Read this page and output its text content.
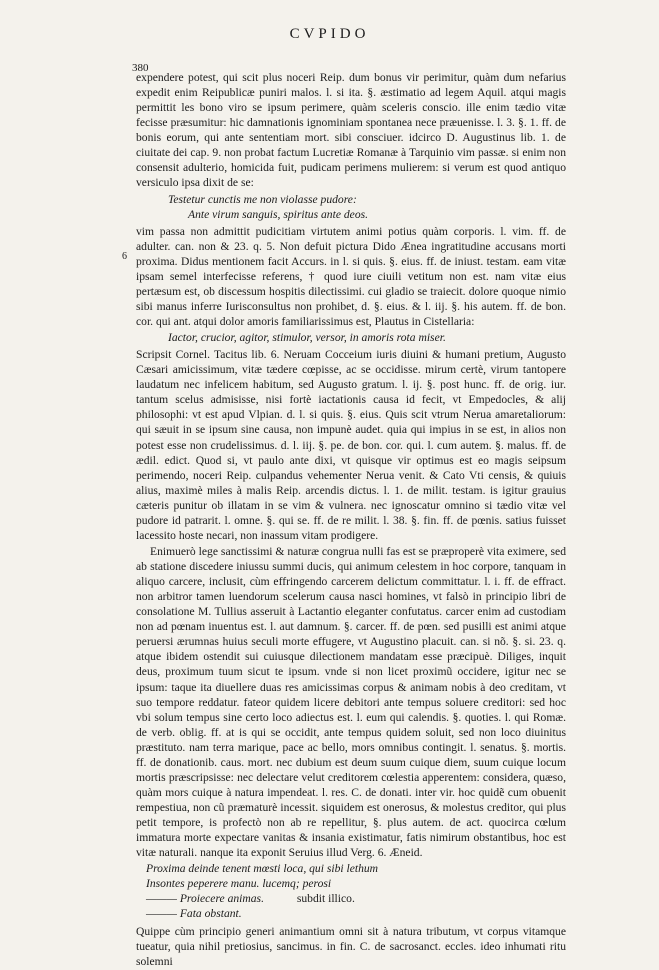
CVPIDO
380
6

expendere potest, qui scit plus noceri Reip. dum bonus vir perimitur, quàm dum nefarius expedit enim Reipublicæ puniri malos. l. si ita. §. æstimatio ad legem Aquil. atqui magis permittit les bono viro se ipsum perimere, quàm sceleris conscio. ille enim tædio vitæ fecisse præsumitur: hic damnationis ignominiam spontanea nece præuenisse. l. 3. §. 1. ff. de bonis eorum, qui ante sententiam mort. sibi consciuer. idcirco D. Augustinus lib. 1. de ciuitate dei cap. 9. non probat factum Lucretiæ Romanæ à Tarquinio vim passæ. si enim non consensit adulterio, homicida fuit, pudicam perimens mulierem: si verum est quod antiquo versiculo ipsa dixit de se:

Testetur cunctis me non violasse pudore:
Ante virum sanguis, spiritus ante deos.

vim passa non admittit pudicitiam virtutem animi potius quàm corporis. l. vim. ff. de adulter. can. non & 23. q. 5. Non defuit pictura Dido Ænea ingratitudine accusans morti proxima. Didus mentionem facit Accurs. in l. si quis. §. eius. ff. de iniust. testam. eam vitæ ipsam semel interfecisse referens, † quod iure ciuili vetitum non est. nam vitæ eius pertæsum est, ob discessum hospitis dilectissimi. cui gladio se traiecit. dolore quoque nimio sibi manus inferre Iurisconsultus non prohibet, d. §. eius. & l. iij. §. his autem. ff. de bon. cor. qui ant. atqui dolor amoris familiarissimus est, Plautus in Cistellaria:

Iactor, crucior, agitor, stimulor, versor, in amoris rota miser.

Scripsit Cornel. Tacitus lib. 6. Neruam Cocceium iuris diuini & humani pretium, Augusto Cæsari amicissimum, vitæ tædere cœpisse, ac se occidisse. mirum certè, virum tantopere laudatum nec infelicem habitum, sed Augusto gratum. l. ij. §. post hunc. ff. de orig. iur. tantum scelus admisisse, nisi fortè iactationis causa id fecit, vt Empedocles, & alij philosophi: vt est apud Vlpian. d. l. si quis. §. eius. Quis scit vtrum Nerua amaretaliorum: qui sæuit in se ipsum sine causa, non impunè audet. quia qui impius in se est, in alios non potest esse non crudelissimus. d. l. iij. §. pe. de bon. cor. qui. l. cum autem. §. malus. ff. de ædil. edict. Quod si, vt paulo ante dixi, vt quisque vir optimus est eo magis seipsum perimendo, noceri Reip. culpandus vehementer Nerua venit. & Cato Vti censis, & quiuis alius, maximè miles à malis Reip. arcendis dictus. l. 1. de milit. testam. is igitur grauius cæteris punitur ob illatam in se vim & vulnera. nec ignoscatur omnino si tædio vitæ vel pudore id patrarit. l. omne. §. qui se. ff. de re milit. l. 38. §. fin. ff. de pœnis. satius fuisset lacessito hoste necari, non inassum vitam prodigere.

Enimuerò lege sanctissimi & naturæ congrua nulli fas est se præproperè vita eximere, sed ab statione discedere iniussu summi ducis, qui animum celestem in hoc corpore, tanquam in aliquo carcere, inclusit, cùm effringendo carcerem delictum committatur. l. i. ff. de effract. non arbitror tamen luendorum scelerum causa nasci homines, vt falsò in principio libri de consolatione M. Tullius asseruit à Lactantio eleganter confutatus. carcer enim ad custodiam non ad pœnam inuentus est. l. aut damnum. §. carcer. ff. de pœn. sed pusilli est animi atque peruersi ærumnas huius seculi morte effugere, vt Augustino placuit. can. si nõ. §. si. 23. q. atque ibidem ostendit sui cuiusque dilectionem mandatam esse præcipuè. Diliges, inquit deus, proximum tuum sicut te ipsum. vnde si non licet proximũ occidere, igitur nec se ipsum: taque ita diuellere duas res amicissimas corpus & animam nobis à deo creditam, vt suo tempore reddatur. fateor quidem licere debitori ante tempus soluere creditori: sed hoc vbi solum tempus sine certo loco adiectus est. l. eum qui calendis. §. quoties. l. qui Romæ. de verb. oblig. ff. at is qui se occidit, ante tempus quidem soluit, sed non loco diuinitus præstituto. nam terra marique, pace ac bello, mors omnibus contingit. l. senatus. §. mortis. ff. de donationib. caus. mort. nec dubium est deum suum cuique diem, suum cuique locum mortis præscripsisse: nec delectare velut creditorem cœlestia apperentem: considera, quæso, quàm mors cuique à natura impendeat. l. res. C. de donati. inter vir. hoc quidẽ cum obuenit rempestiua, non cũ præmaturè incessit. siquidem est onerosus, & molestus creditor, qui plus petit tempore, is profectò non ab re repellitur, §. plus autem. de act. quocirca cœlum immatura morte expectare vanitas & insania existimatur, fatis nimirum obstantibus, hoc est vitæ naturali. nanque ita exponit Seruius illud Verg. 6. Æneid.

Proxima deinde tenent mœsti loca, qui sibi lethum
Insontes peperere manu. lucemq; perosi
——— Proiecere animas.	subdit illico.
——— Fata obstant.

Quippe cùm principio generi animantium omni sit à natura tributum, vt corpus vitamque tueatur, quia nihil pretiosius, sancimus. in fin. C. de sacrosanct. eccles. ideo inhumati ritu solemni
